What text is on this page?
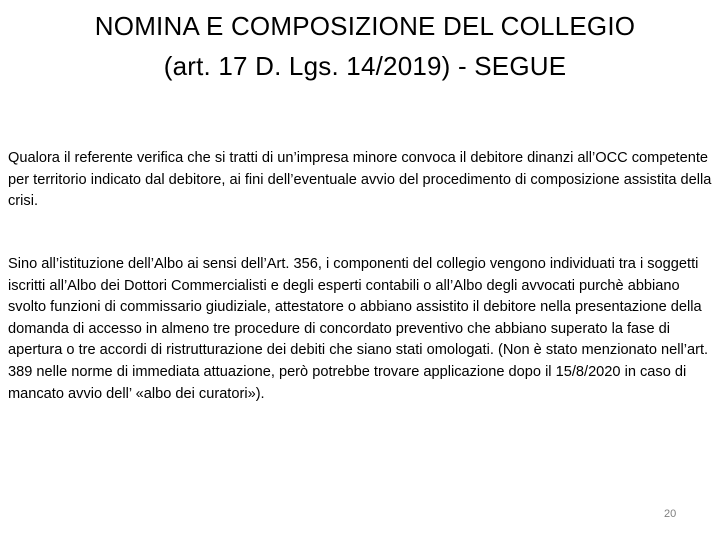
NOMINA E COMPOSIZIONE DEL COLLEGIO
(art. 17 D. Lgs. 14/2019) - SEGUE
Qualora il referente verifica che si tratti di un’impresa minore convoca il debitore dinanzi all’OCC competente per territorio indicato dal debitore, ai fini dell’eventuale avvio del procedimento di composizione assistita della crisi.
Sino all’istituzione dell’Albo ai sensi dell’Art. 356, i componenti del collegio vengono individuati tra i soggetti iscritti all’Albo dei Dottori Commercialisti e degli esperti contabili o all’Albo degli avvocati purchè abbiano svolto funzioni di commissario giudiziale, attestatore o abbiano assistito il debitore nella presentazione della domanda di accesso in almeno tre procedure di concordato preventivo che abbiano superato la fase di apertura o tre accordi di ristrutturazione dei debiti che siano stati omologati. (Non è stato menzionato nell’art. 389 nelle norme di immediata attuazione, però potrebbe trovare applicazione dopo il 15/8/2020 in caso di mancato avvio dell’ «albo dei curatori»).
20
